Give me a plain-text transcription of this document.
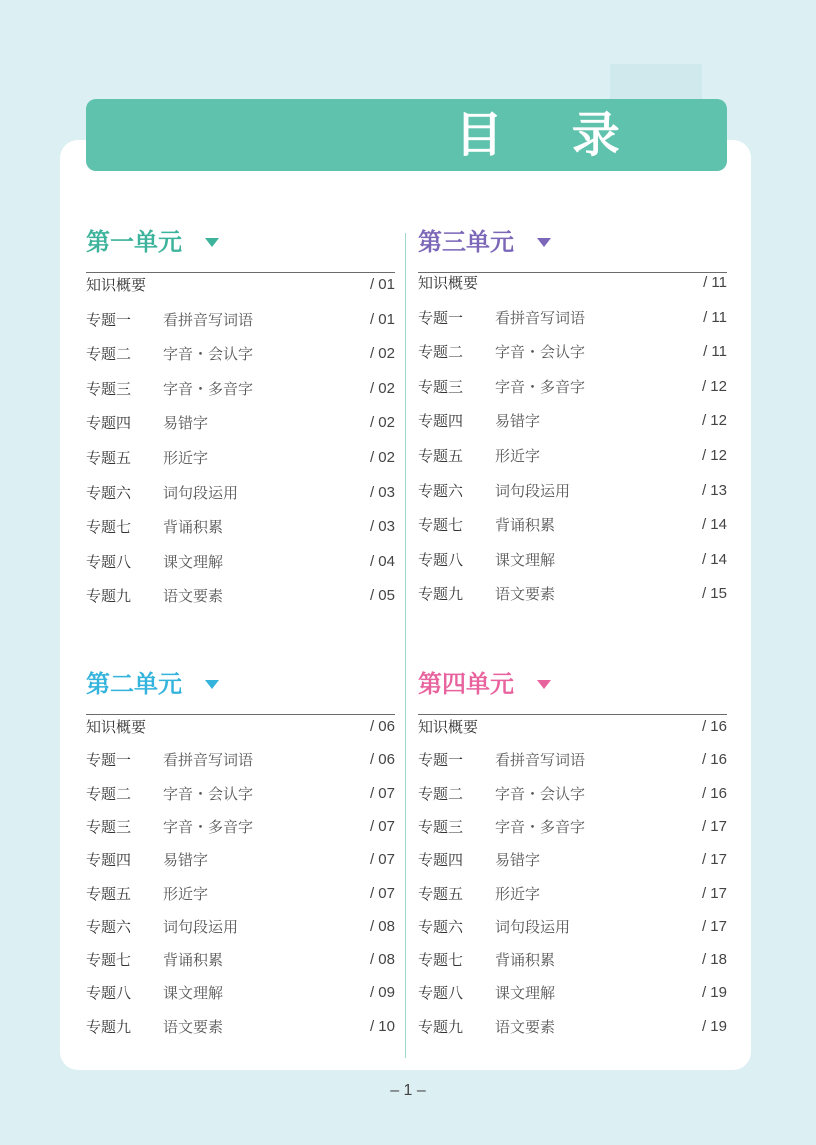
目 录
第一单元
知识概要	/ 01
专题一 看拼音写词语	/ 01
专题二 字音・会认字	/ 02
专题三 字音・多音字	/ 02
专题四 易错字	/ 02
专题五 形近字	/ 02
专题六 词句段运用	/ 03
专题七 背诵积累	/ 03
专题八 课文理解	/ 04
专题九 语文要素	/ 05
第二单元
知识概要	/ 06
专题一 看拼音写词语	/ 06
专题二 字音・会认字	/ 07
专题三 字音・多音字	/ 07
专题四 易错字	/ 07
专题五 形近字	/ 07
专题六 词句段运用	/ 08
专题七 背诵积累	/ 08
专题八 课文理解	/ 09
专题九 语文要素	/ 10
第三单元
知识概要	/ 11
专题一 看拼音写词语	/ 11
专题二 字音・会认字	/ 11
专题三 字音・多音字	/ 12
专题四 易错字	/ 12
专题五 形近字	/ 12
专题六 词句段运用	/ 13
专题七 背诵积累	/ 14
专题八 课文理解	/ 14
专题九 语文要素	/ 15
第四单元
知识概要	/ 16
专题一 看拼音写词语	/ 16
专题二 字音・会认字	/ 16
专题三 字音・多音字	/ 17
专题四 易错字	/ 17
专题五 形近字	/ 17
专题六 词句段运用	/ 17
专题七 背诵积累	/ 18
专题八 课文理解	/ 19
专题九 语文要素	/ 19
– 1 –
